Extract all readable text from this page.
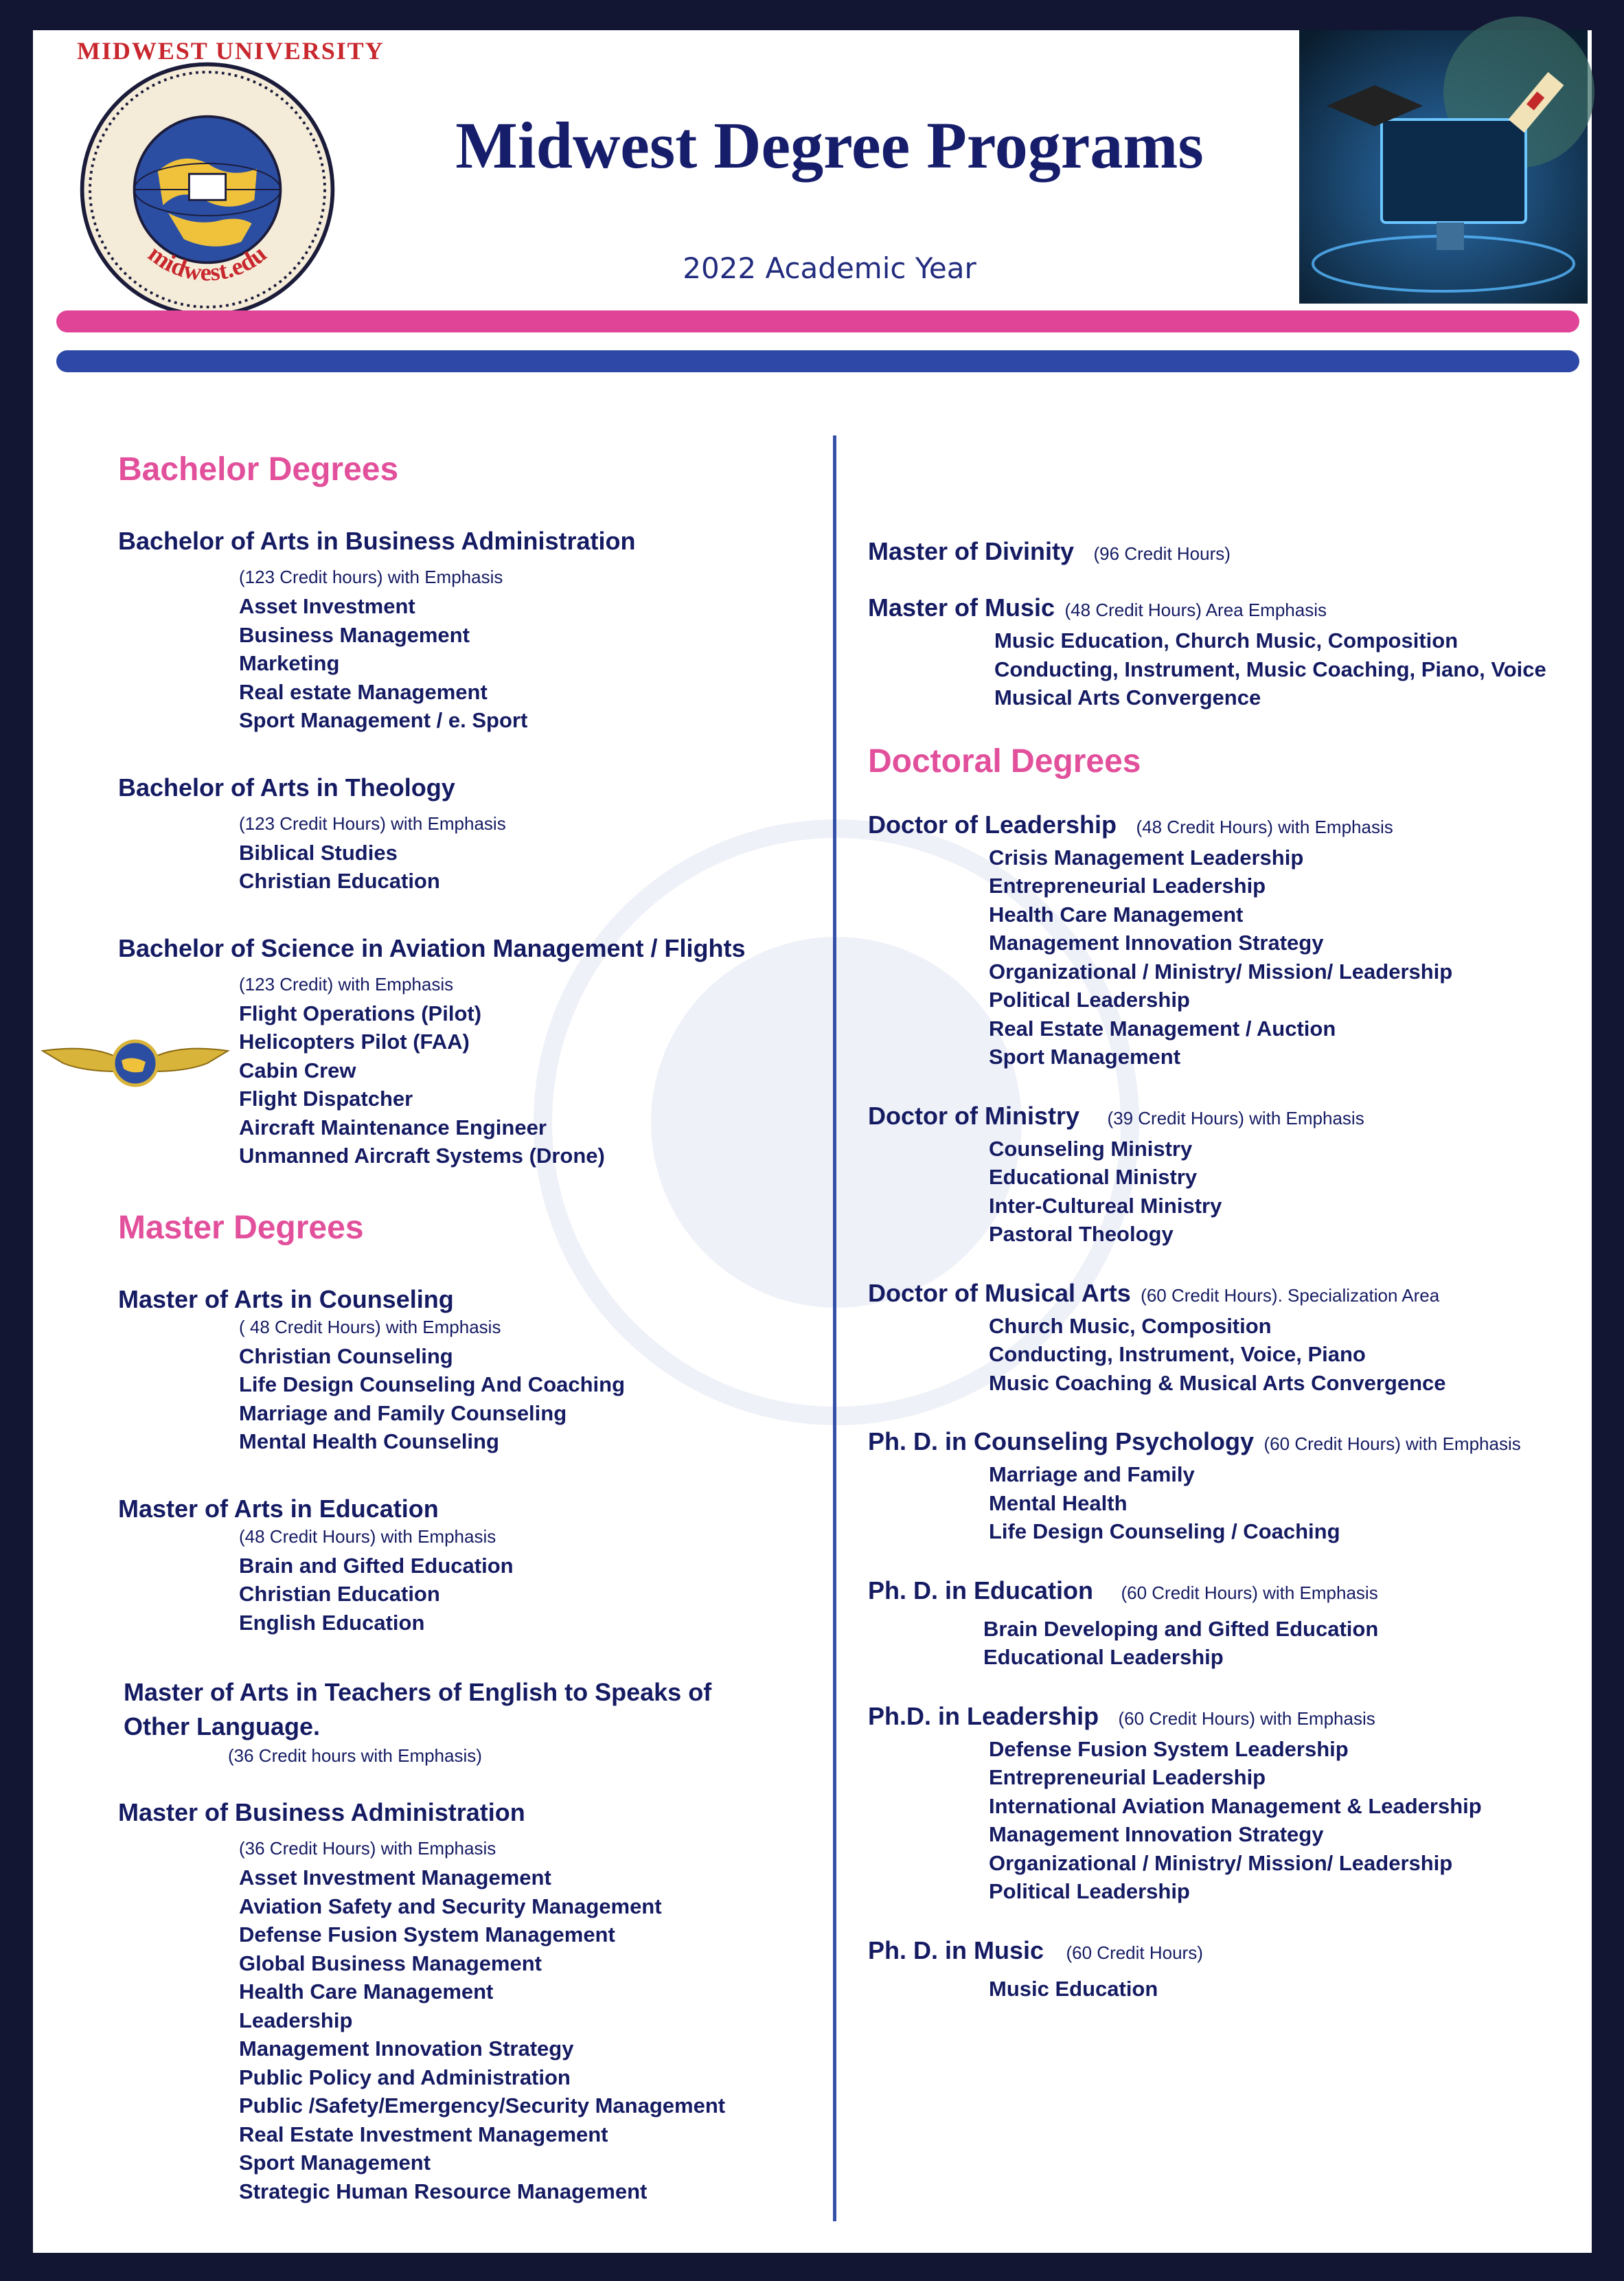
MIDWEST UNIVERSITY
midwest.edu
Midwest Degree Programs
2022 Academic Year
Bachelor Degrees
Bachelor of Arts in Business Administration
(123 Credit hours) with Emphasis
Asset Investment
Business Management
Marketing
Real estate Management
Sport Management / e. Sport
Bachelor of Arts in Theology
(123 Credit Hours) with Emphasis
Biblical Studies
Christian Education
Bachelor of Science in Aviation Management / Flights
(123 Credit) with Emphasis
Flight Operations (Pilot)
Helicopters Pilot (FAA)
Cabin Crew
Flight Dispatcher
Aircraft Maintenance Engineer
Unmanned Aircraft Systems (Drone)
Master Degrees
Master of Arts in Counseling
( 48 Credit Hours) with Emphasis
Christian Counseling
Life Design Counseling And Coaching
Marriage and Family Counseling
Mental Health Counseling
Master of Arts in Education
(48 Credit Hours) with Emphasis
Brain and Gifted Education
Christian Education
English Education
Master of Arts in Teachers of English to Speaks of Other Language.
(36 Credit hours with Emphasis)
Master of Business Administration
(36 Credit Hours) with Emphasis
Asset Investment Management
Aviation Safety and Security Management
Defense Fusion System Management
Global Business Management
Health Care Management
Leadership
Management Innovation Strategy
Public Policy and Administration
Public /Safety/Emergency/Security Management
Real Estate Investment Management
Sport Management
Strategic Human Resource Management
Master of Divinity (96 Credit Hours)
Master of Music (48 Credit Hours) Area Emphasis
Music Education, Church Music, Composition
Conducting, Instrument, Music Coaching, Piano, Voice
Musical Arts Convergence
Doctoral Degrees
Doctor of Leadership (48 Credit Hours) with Emphasis
Crisis Management Leadership
Entrepreneurial Leadership
Health Care Management
Management Innovation Strategy
Organizational / Ministry/ Mission/ Leadership
Political Leadership
Real Estate Management / Auction
Sport Management
Doctor of Ministry (39 Credit Hours) with Emphasis
Counseling Ministry
Educational Ministry
Inter-Cultureal Ministry
Pastoral Theology
Doctor of Musical Arts (60 Credit Hours). Specialization Area
Church Music, Composition
Conducting, Instrument, Voice, Piano
Music Coaching & Musical Arts Convergence
Ph. D. in Counseling Psychology (60 Credit Hours) with Emphasis
Marriage and Family
Mental Health
Life Design Counseling / Coaching
Ph. D. in Education (60 Credit Hours) with Emphasis
Brain Developing and Gifted Education
Educational Leadership
Ph.D. in Leadership (60 Credit Hours) with Emphasis
Defense Fusion System Leadership
Entrepreneurial Leadership
International Aviation Management & Leadership
Management Innovation Strategy
Organizational / Ministry/ Mission/ Leadership
Political Leadership
Ph. D. in Music (60 Credit Hours)
Music Education
